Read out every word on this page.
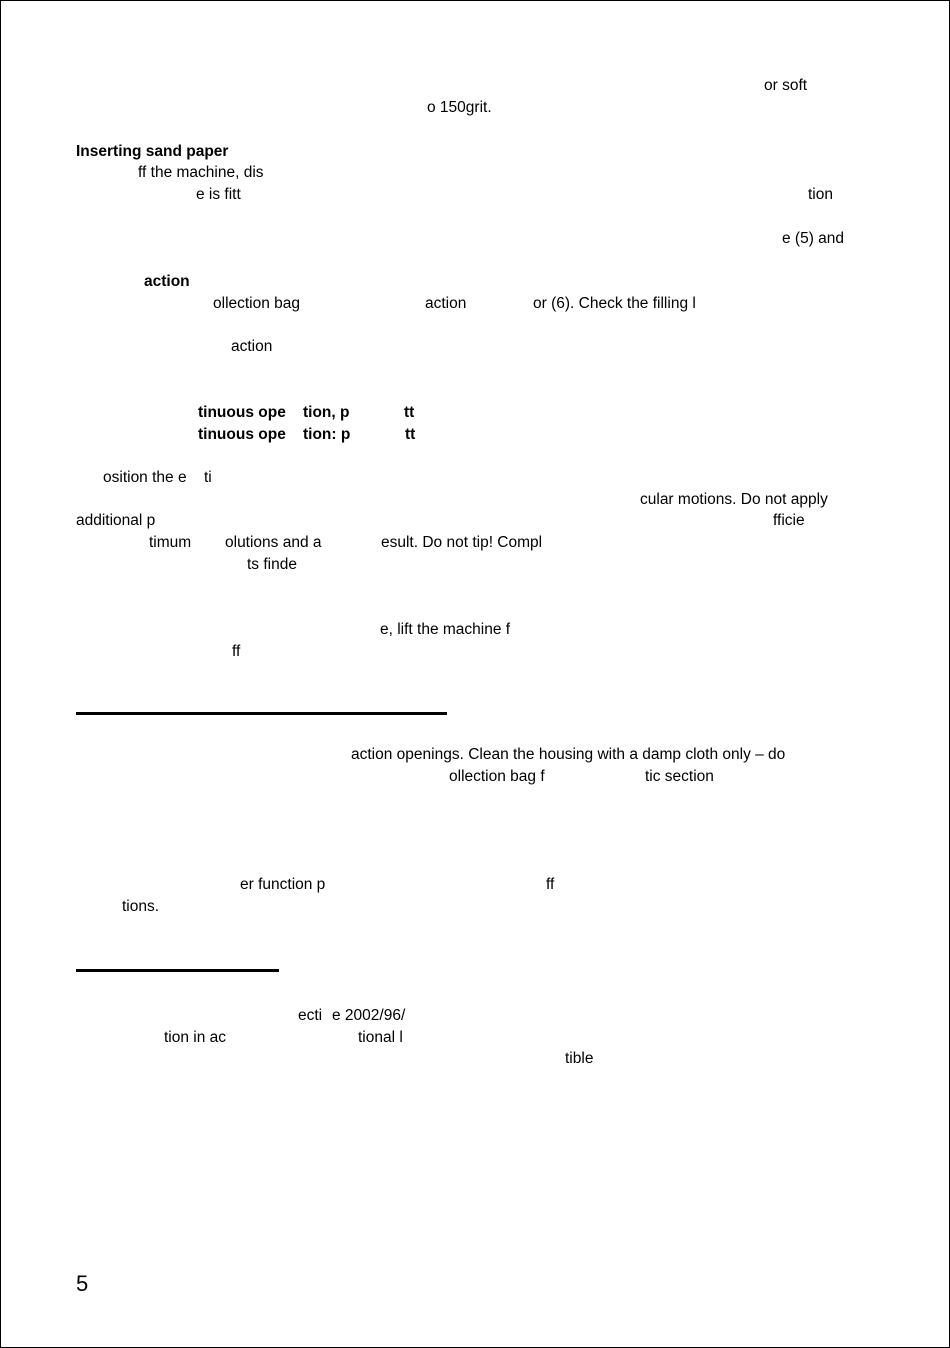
or soft
o 150grit.
Inserting sand paper
ff the machine, dis
e is fitt	tion
e (5) and
action
ollection bag	action	or (6). Check the filling l
action
tinuous ope tion, p	tt
tinuous ope tion: p	tt
osition the e ti
cular motions. Do not apply
additional p	fficie
timum olutions and a	esult. Do not tip! Compl
ts finde
e, lift the machine f
ff
action openings. Clean the housing with a damp cloth only – do
ollection bag f	tic section
er function p	ff
tions.
ecti e 2002/96/
tion in ac	tional l
tible
5
